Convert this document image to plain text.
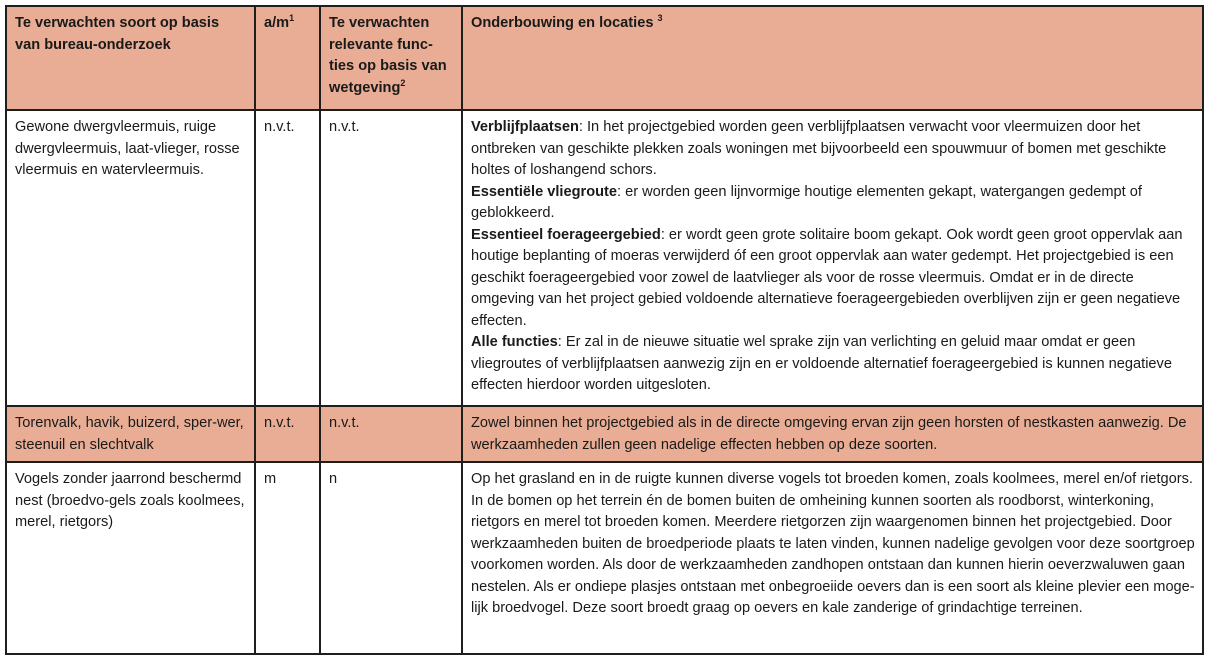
Te verwachten soort op basis van bureau-onderzoek	$a/m^1$	Te verwachten relevante func-ties op basis van wetgeving$^2$	Onderbouwing en locaties $^3$
Gewone dwergvleermuis, ruige dwergvleermuis, laat-vlieger, rosse vleermuis en watervleermuis.	n.v.t.	n.v.t.	Verblijfplaatsen: In het projectgebied worden geen verblijfplaatsen verwacht voor vleermuizen door het ontbreken van geschikte plekken zoals woningen met bijvoorbeeld een spouwmuur of bomen met geschikte holtes of loshangend schors.

Essentiële vliegroute: er worden geen lijnvormige houtige elementen gekapt, watergangen gedempt of geblokkeerd.

Essentieel foerageergebied: er wordt geen grote solitaire boom gekapt. Ook wordt geen groot oppervlak aan houtige beplanting of moeras verwijderd óf een groot oppervlak aan water gedempt. Het projectgebied is een geschikt foerageergebied voor zowel de laatvlieger als voor de rosse vleermuis. Omdat er in de directe omgeving van het project gebied voldoende alternatieve foerageergebieden overblijven zijn er geen negatieve effecten.

Alle functies: Er zal in de nieuwe situatie wel sprake zijn van verlichting en geluid maar omdat er geen vliegroutes of verblijfplaatsen aanwezig zijn en er voldoende alternatief foerageergebied is kunnen negatieve effecten hierdoor worden uitgesloten.

Torenvalk, havik, buizerd, sper-wer, steenuil en slechtvalk	n.v.t.	n.v.t.	Zowel binnen het projectgebied als in de directe omgeving ervan zijn geen horsten of nestkasten aanwezig. De werkzaamheden zullen geen nadelige effecten hebben op deze soorten.
Vogels zonder jaarrond beschermd nest (broedvo-gels zoals koolmees, merel, rietgors)	m	n	Op het grasland en in de ruigte kunnen diverse vogels tot broeden komen, zoals koolmees, merel en/of rietgors. In de bomen op het terrein én de bomen buiten de omheining kunnen soorten als roodborst, winterkoning, rietgors en merel tot broeden komen. Meerdere rietgorzen zijn waargenomen binnen het projectgebied. Door werkzaamheden buiten de broedperiode plaats te laten vinden, kunnen nadelige gevolgen voor deze soortgroep voorkomen worden. Als door de werkzaamheden zandhopen ontstaan dan kunnen hierin oeverzwaluwen gaan nestelen. Als er ondiepe plasjes ontstaan met onbegroeiide oevers dan is een soort als kleine plevier een moge-lijk broedvogel. Deze soort broedt graag op oevers en kale zanderige of grindachtige terreinen.
